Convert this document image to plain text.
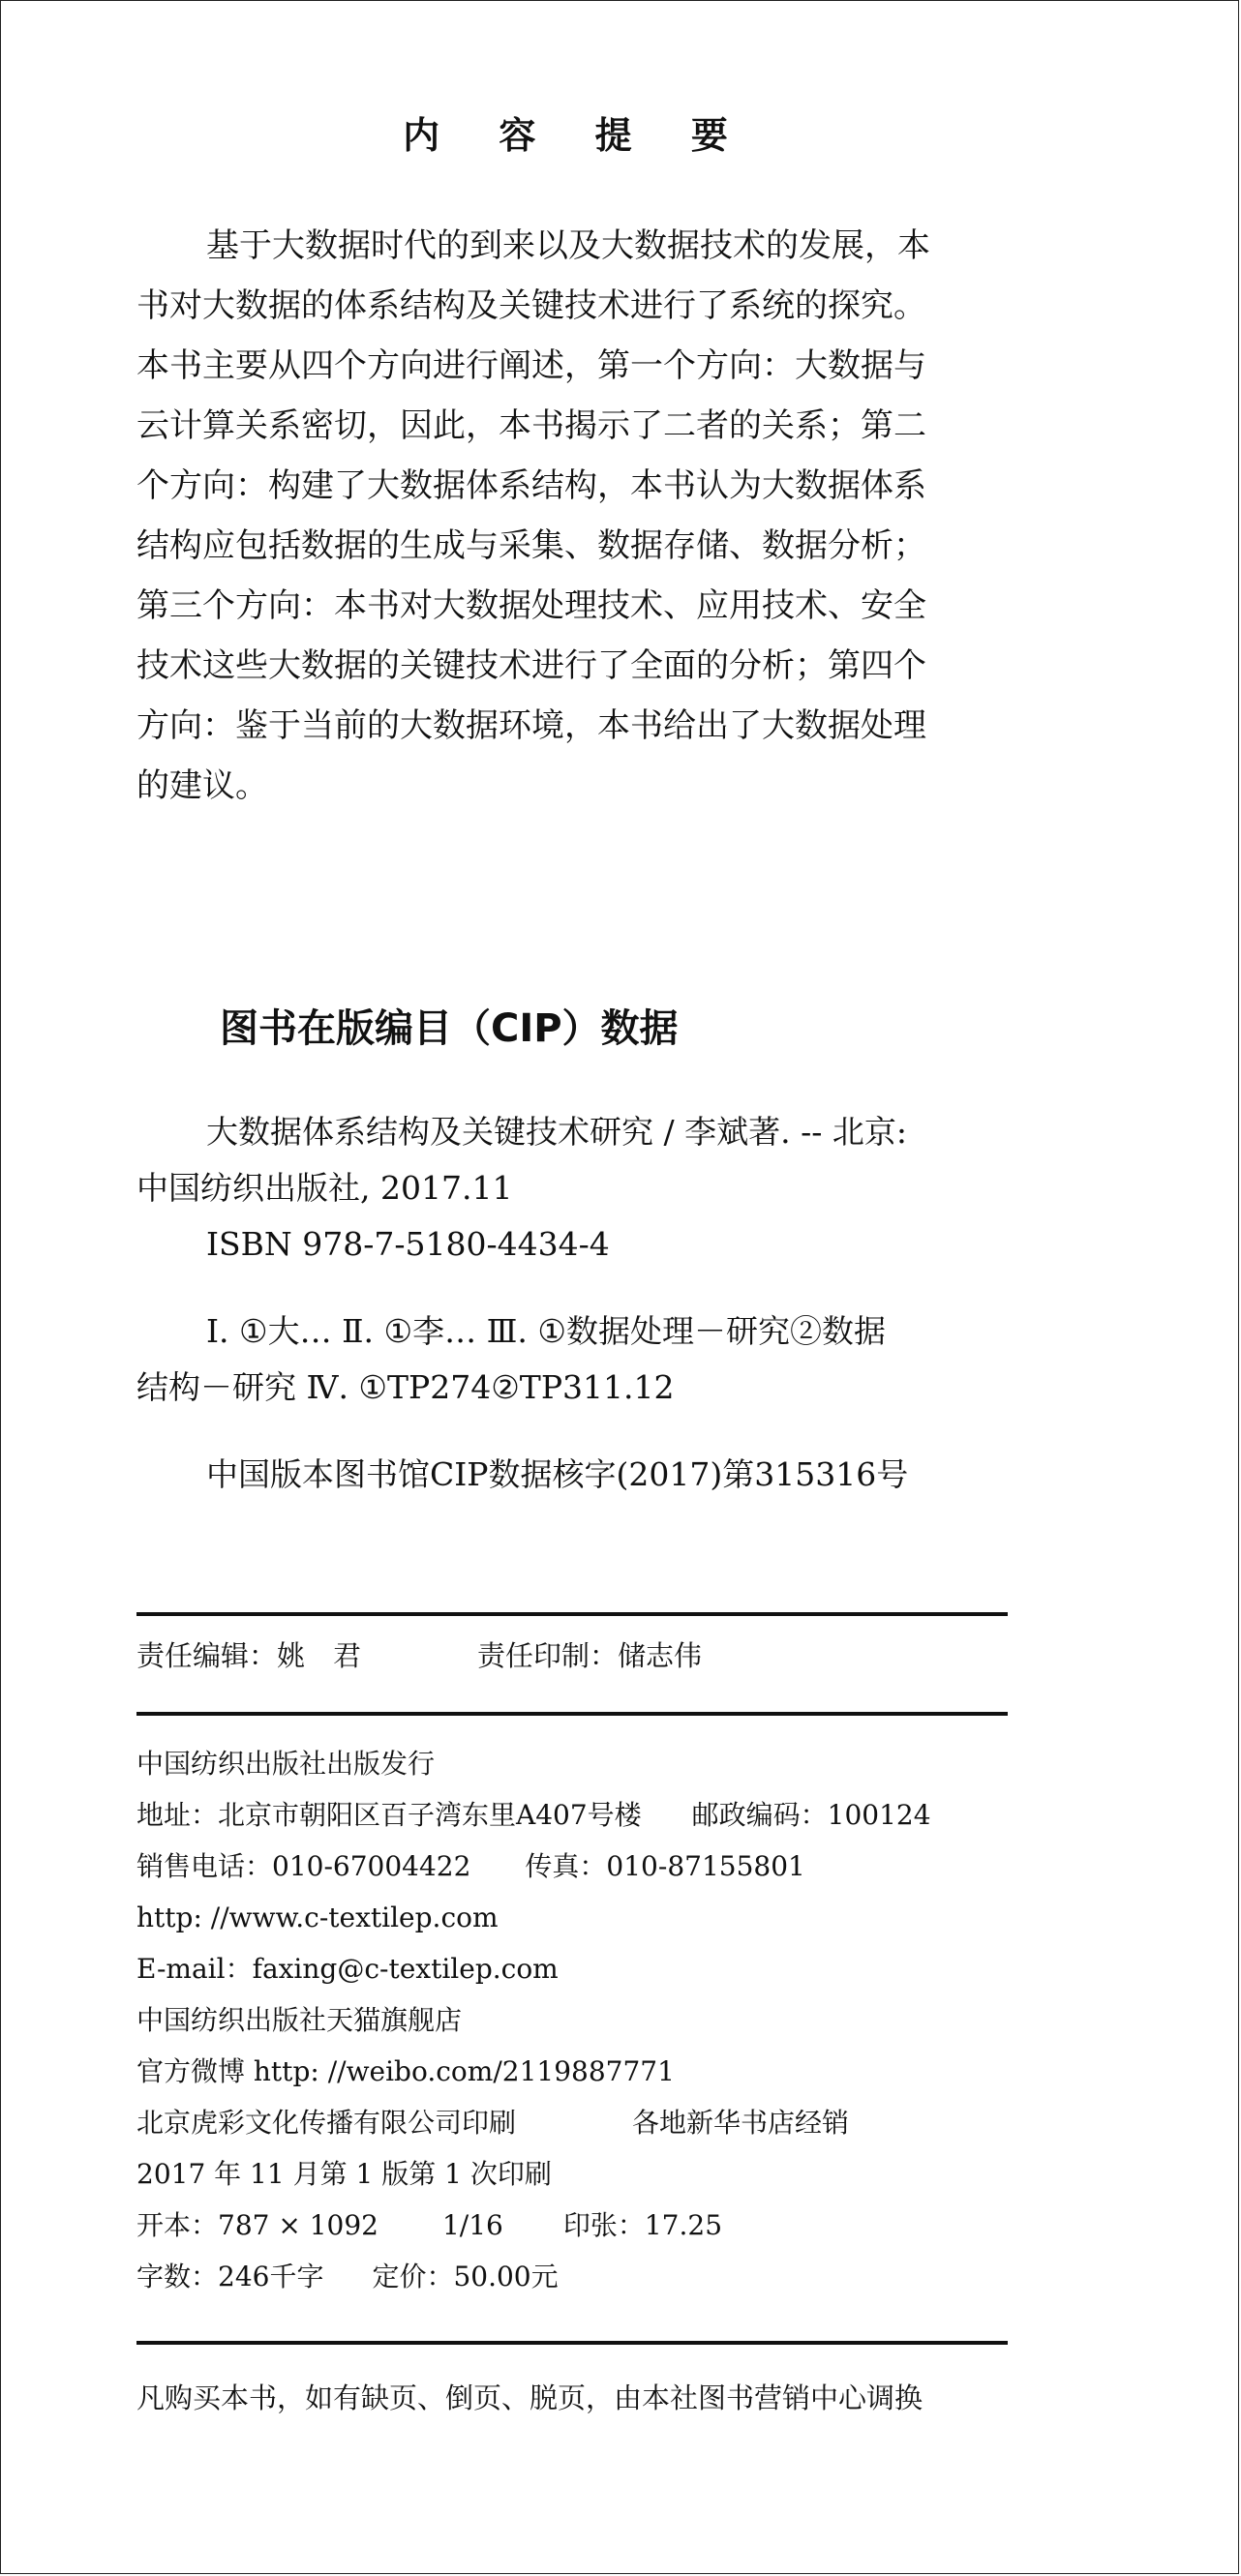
内 容 提 要

基于大数据时代的到来以及大数据技术的发展，本

书对大数据的体系结构及关键技术进行了系统的探究。

本书主要从四个方向进行阐述，第一个方向：大数据与

云计算关系密切，因此，本书揭示了二者的关系；第二

个方向：构建了大数据体系结构，本书认为大数据体系

结构应包括数据的生成与采集、数据存储、数据分析；

第三个方向：本书对大数据处理技术、应用技术、安全

技术这些大数据的关键技术进行了全面的分析；第四个

方向：鉴于当前的大数据环境，本书给出了大数据处理

的建议。

图书在版编目（CIP）数据

大数据体系结构及关键技术研究 / 李斌著. -- 北京:

中国纺织出版社, 2017.11

ISBN 978-7-5180-4434-4

Ⅰ. ①大… Ⅱ. ①李… Ⅲ. ①数据处理－研究②数据

结构－研究 Ⅳ. ①TP274②TP311.12

中国版本图书馆CIP数据核字(2017)第315316号

责任编辑：姚　君	责任印制：储志伟

中国纺织出版社出版发行

地址：北京市朝阳区百子湾东里A407号楼 邮政编码：100124

销售电话：010-67004422 传真：010-87155801

http: //www.c-textilep.com

E-mail：faxing@c-textilep.com

中国纺织出版社天猫旗舰店

官方微博 http: //weibo.com/2119887771

北京虎彩文化传播有限公司印刷	各地新华书店经销

2017 年 11 月第 1 版第 1 次印刷

开本：787 × 1092 1/16 印张：17.25

字数：246千字 定价：50.00元

凡购买本书，如有缺页、倒页、脱页，由本社图书营销中心调换
